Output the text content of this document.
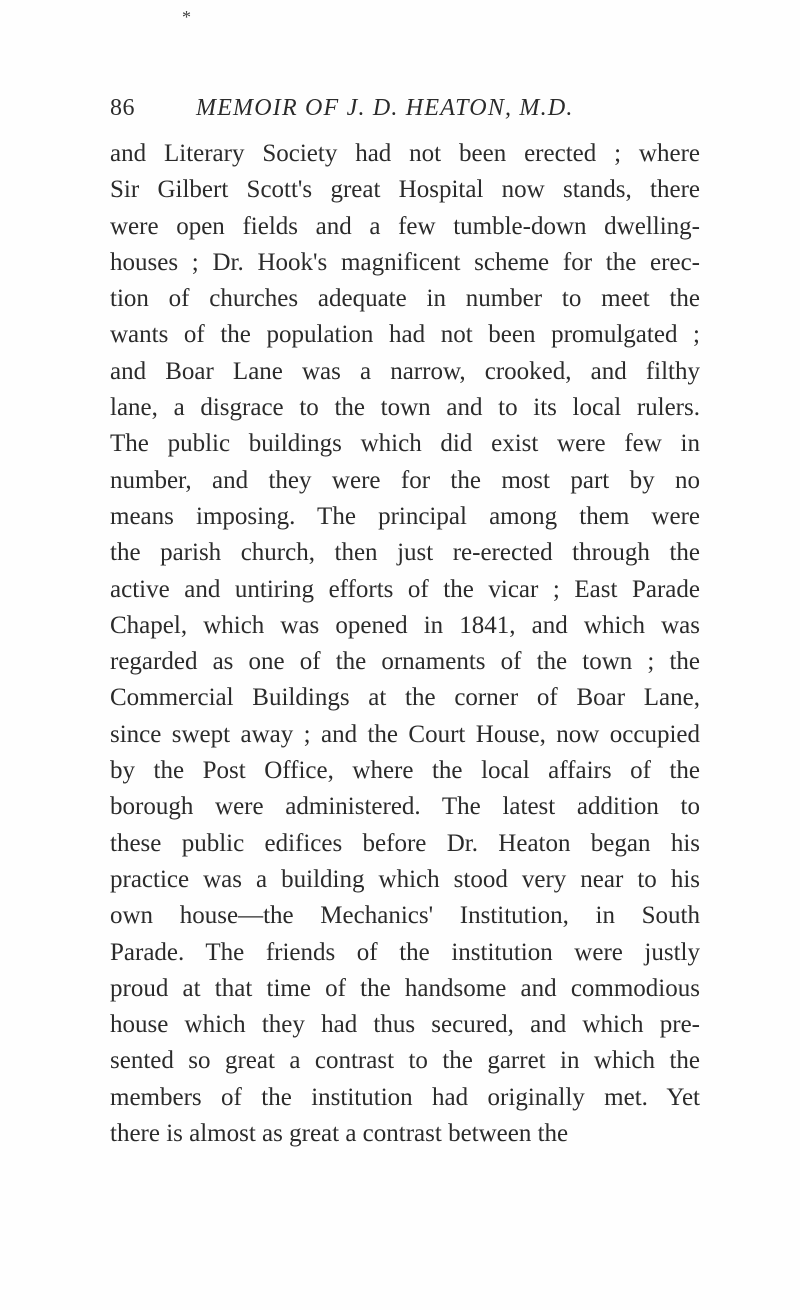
*
86	MEMOIR OF J. D. HEATON, M.D.
and Literary Society had not been erected ; where
Sir Gilbert Scott's great Hospital now stands, there
were open fields and a few tumble-down dwelling-
houses ; Dr. Hook's magnificent scheme for the erec-
tion of churches adequate in number to meet the
wants of the population had not been promulgated ;
and Boar Lane was a narrow, crooked, and filthy
lane, a disgrace to the town and to its local rulers.
The public buildings which did exist were few in
number, and they were for the most part by no
means imposing. The principal among them were
the parish church, then just re-erected through the
active and untiring efforts of the vicar ; East Parade
Chapel, which was opened in 1841, and which was
regarded as one of the ornaments of the town ; the
Commercial Buildings at the corner of Boar Lane,
since swept away ; and the Court House, now occupied
by the Post Office, where the local affairs of the
borough were administered. The latest addition to
these public edifices before Dr. Heaton began his
practice was a building which stood very near to his
own house—the Mechanics' Institution, in South
Parade. The friends of the institution were justly
proud at that time of the handsome and commodious
house which they had thus secured, and which pre-
sented so great a contrast to the garret in which the
members of the institution had originally met. Yet
there is almost as great a contrast between the
